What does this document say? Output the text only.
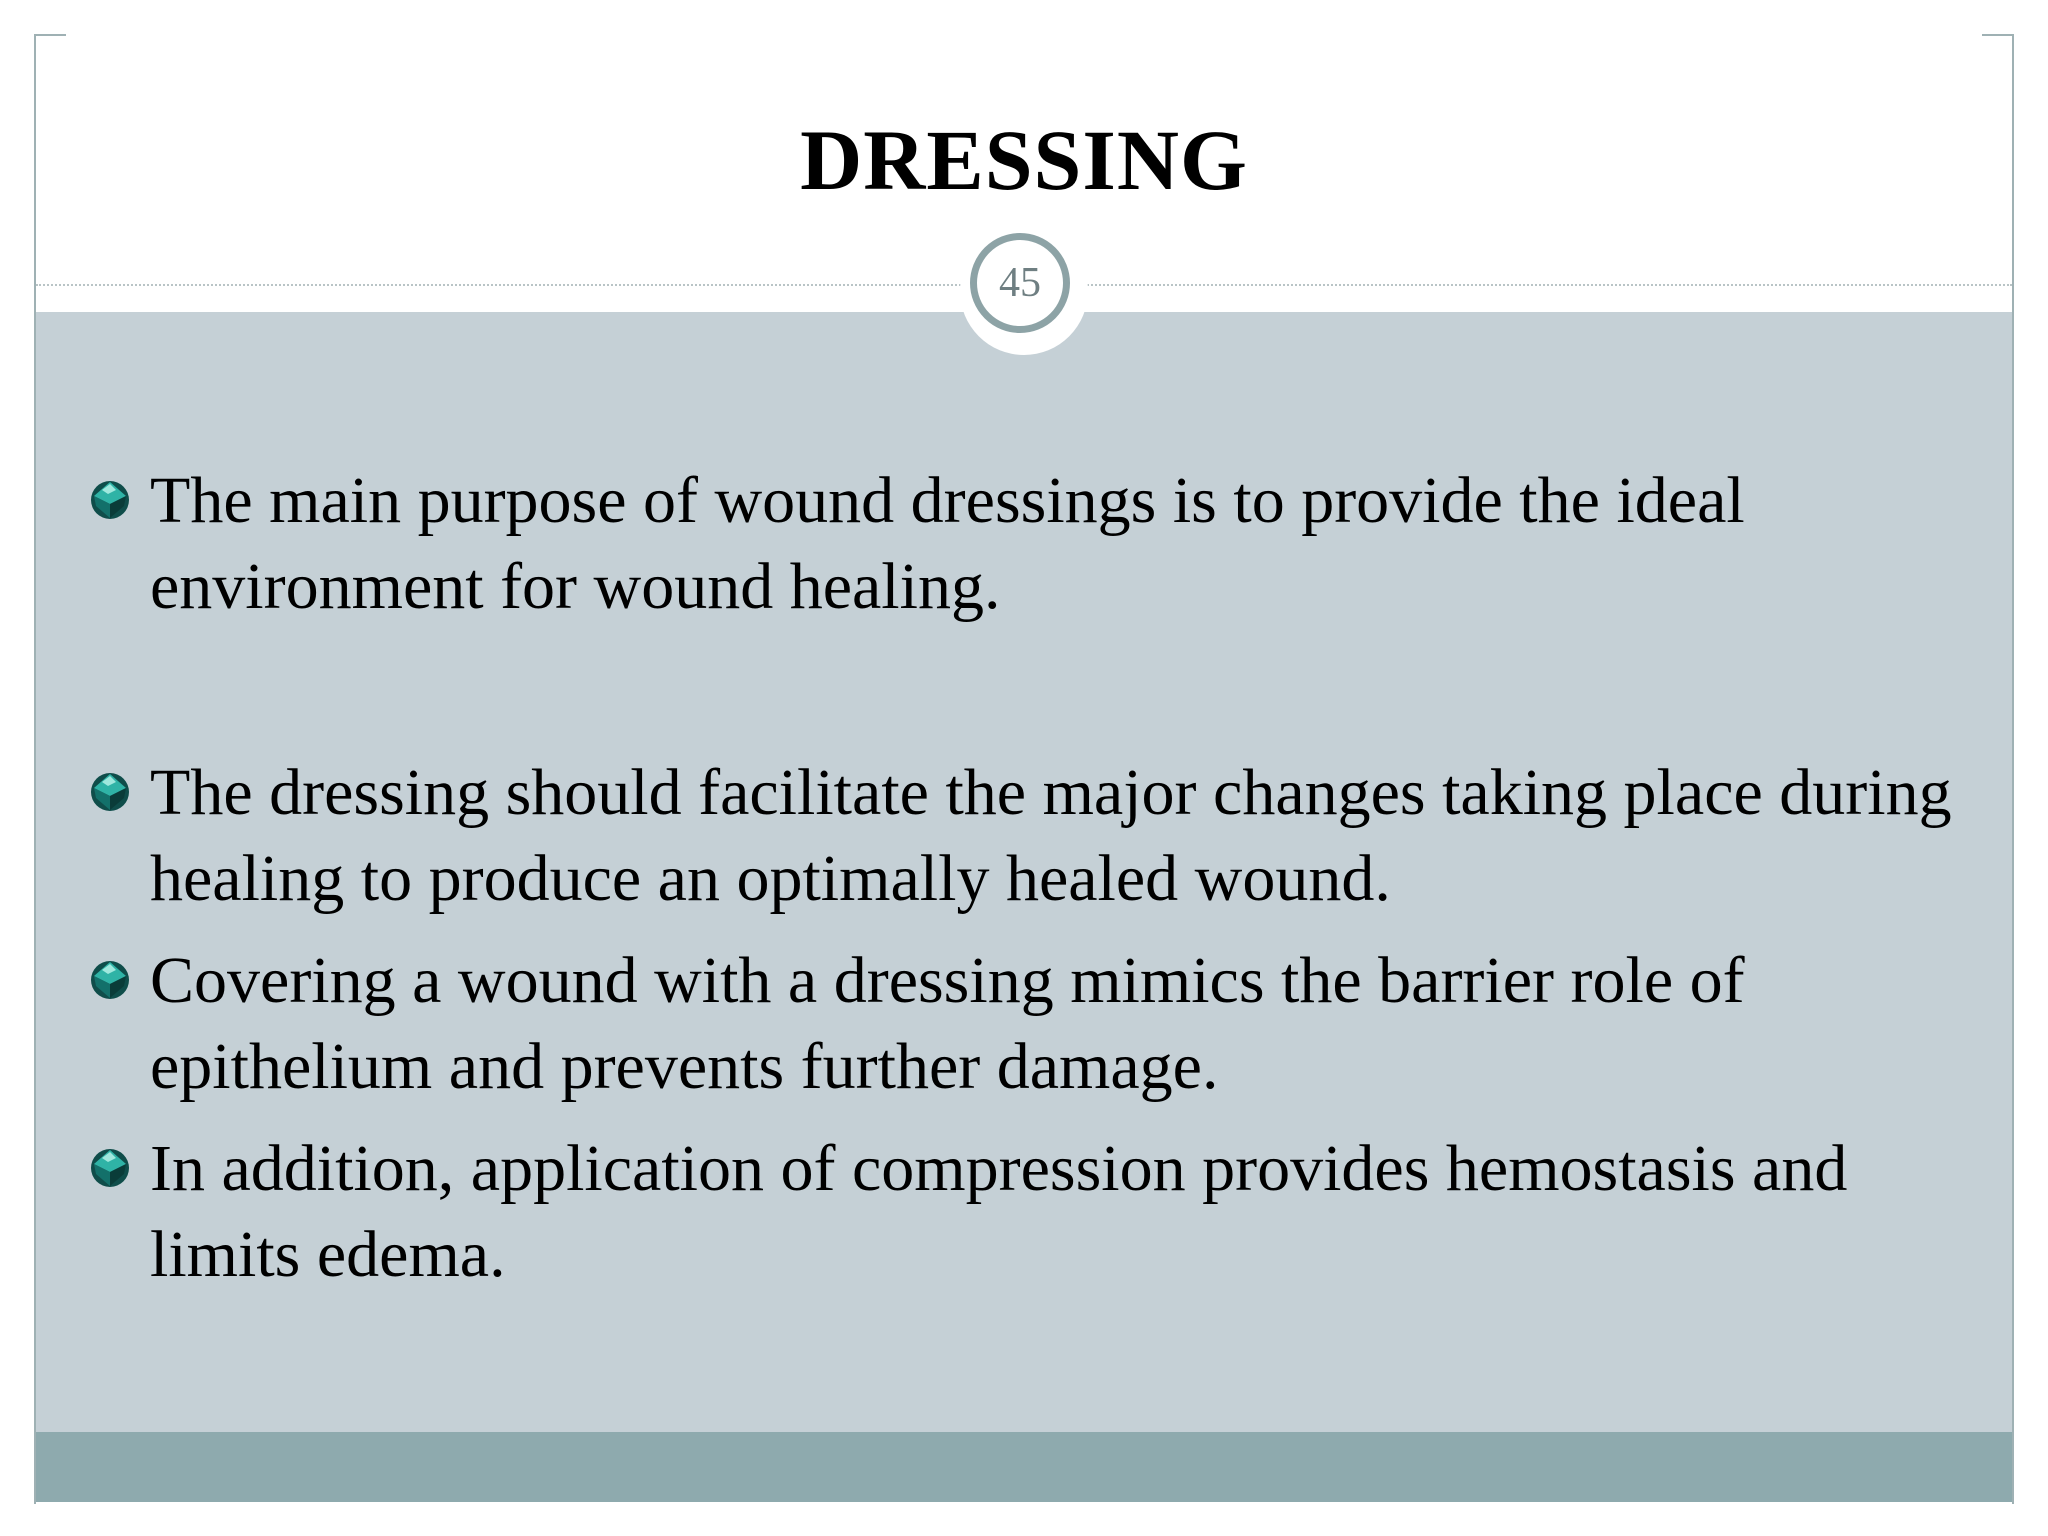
DRESSING
45
The main purpose of wound dressings is to provide the ideal environment for wound healing.
The dressing should facilitate the major changes taking place during healing to produce an optimally healed wound.
Covering a wound with a dressing mimics the barrier role of epithelium and prevents further damage.
In addition, application of compression provides hemostasis and limits edema.
